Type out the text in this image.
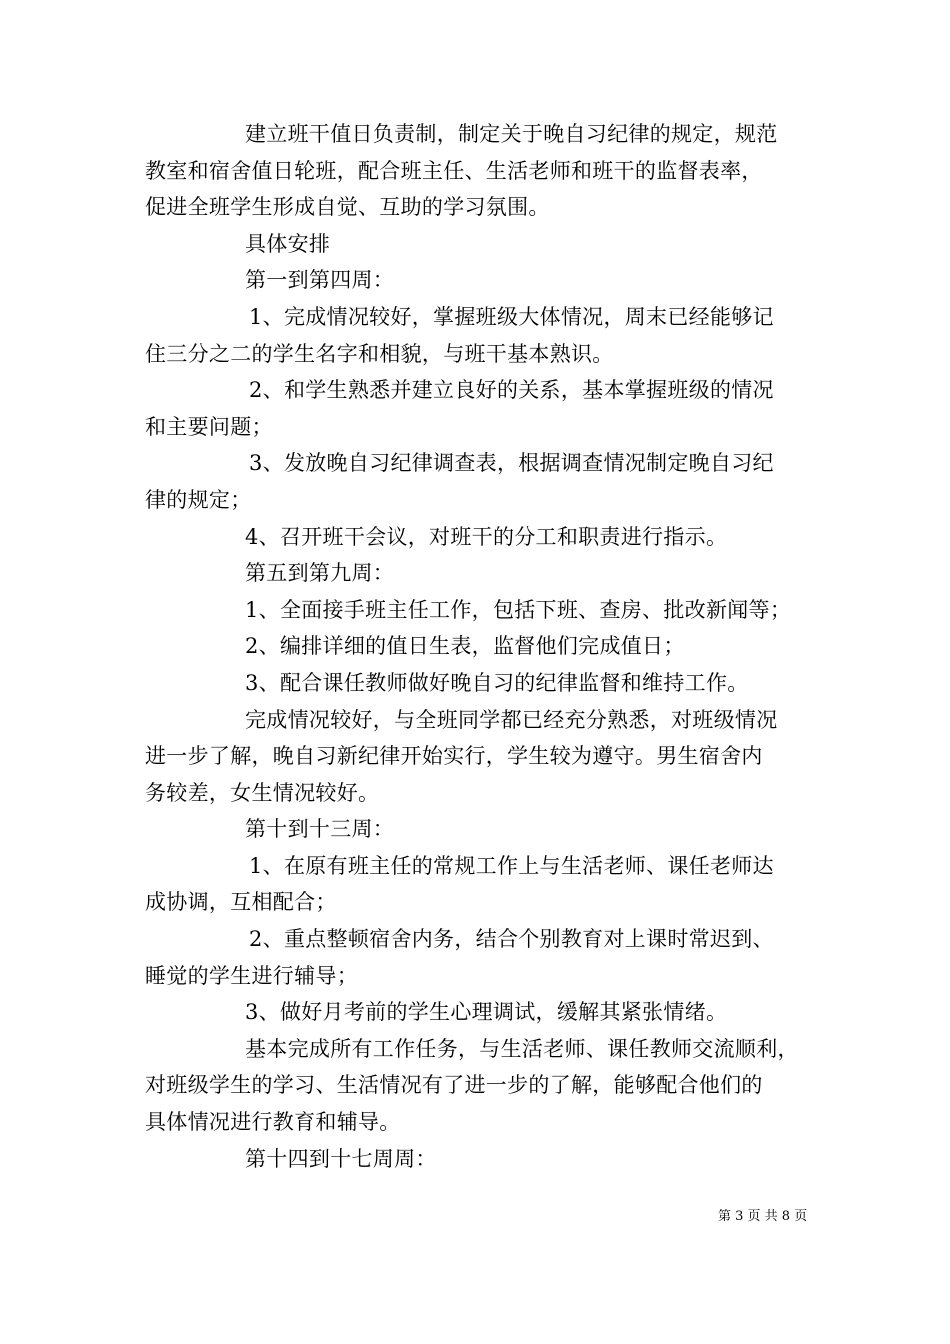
建立班干值日负责制，制定关于晚自习纪律的规定，规范

教室和宿舍值日轮班，配合班主任、生活老师和班干的监督表率，

促进全班学生形成自觉、互助的学习氛围。

具体安排

第一到第四周：

1、完成情况较好，掌握班级大体情况，周末已经能够记

住三分之二的学生名字和相貌，与班干基本熟识。

2、和学生熟悉并建立良好的关系，基本掌握班级的情况

和主要问题；

3、发放晚自习纪律调查表，根据调查情况制定晚自习纪

律的规定；

4、召开班干会议，对班干的分工和职责进行指示。

第五到第九周：

1、全面接手班主任工作，包括下班、查房、批改新闻等；

2、编排详细的值日生表，监督他们完成值日；

3、配合课任教师做好晚自习的纪律监督和维持工作。

完成情况较好，与全班同学都已经充分熟悉，对班级情况

进一步了解，晚自习新纪律开始实行，学生较为遵守。男生宿舍内

务较差，女生情况较好。

第十到十三周：

1、在原有班主任的常规工作上与生活老师、课任老师达

成协调，互相配合；

2、重点整顿宿舍内务，结合个别教育对上课时常迟到、

睡觉的学生进行辅导；

3、做好月考前的学生心理调试，缓解其紧张情绪。

基本完成所有工作任务，与生活老师、课任教师交流顺利，

对班级学生的学习、生活情况有了进一步的了解，能够配合他们的

具体情况进行教育和辅导。

第十四到十七周周：

第 3 页 共 8 页
